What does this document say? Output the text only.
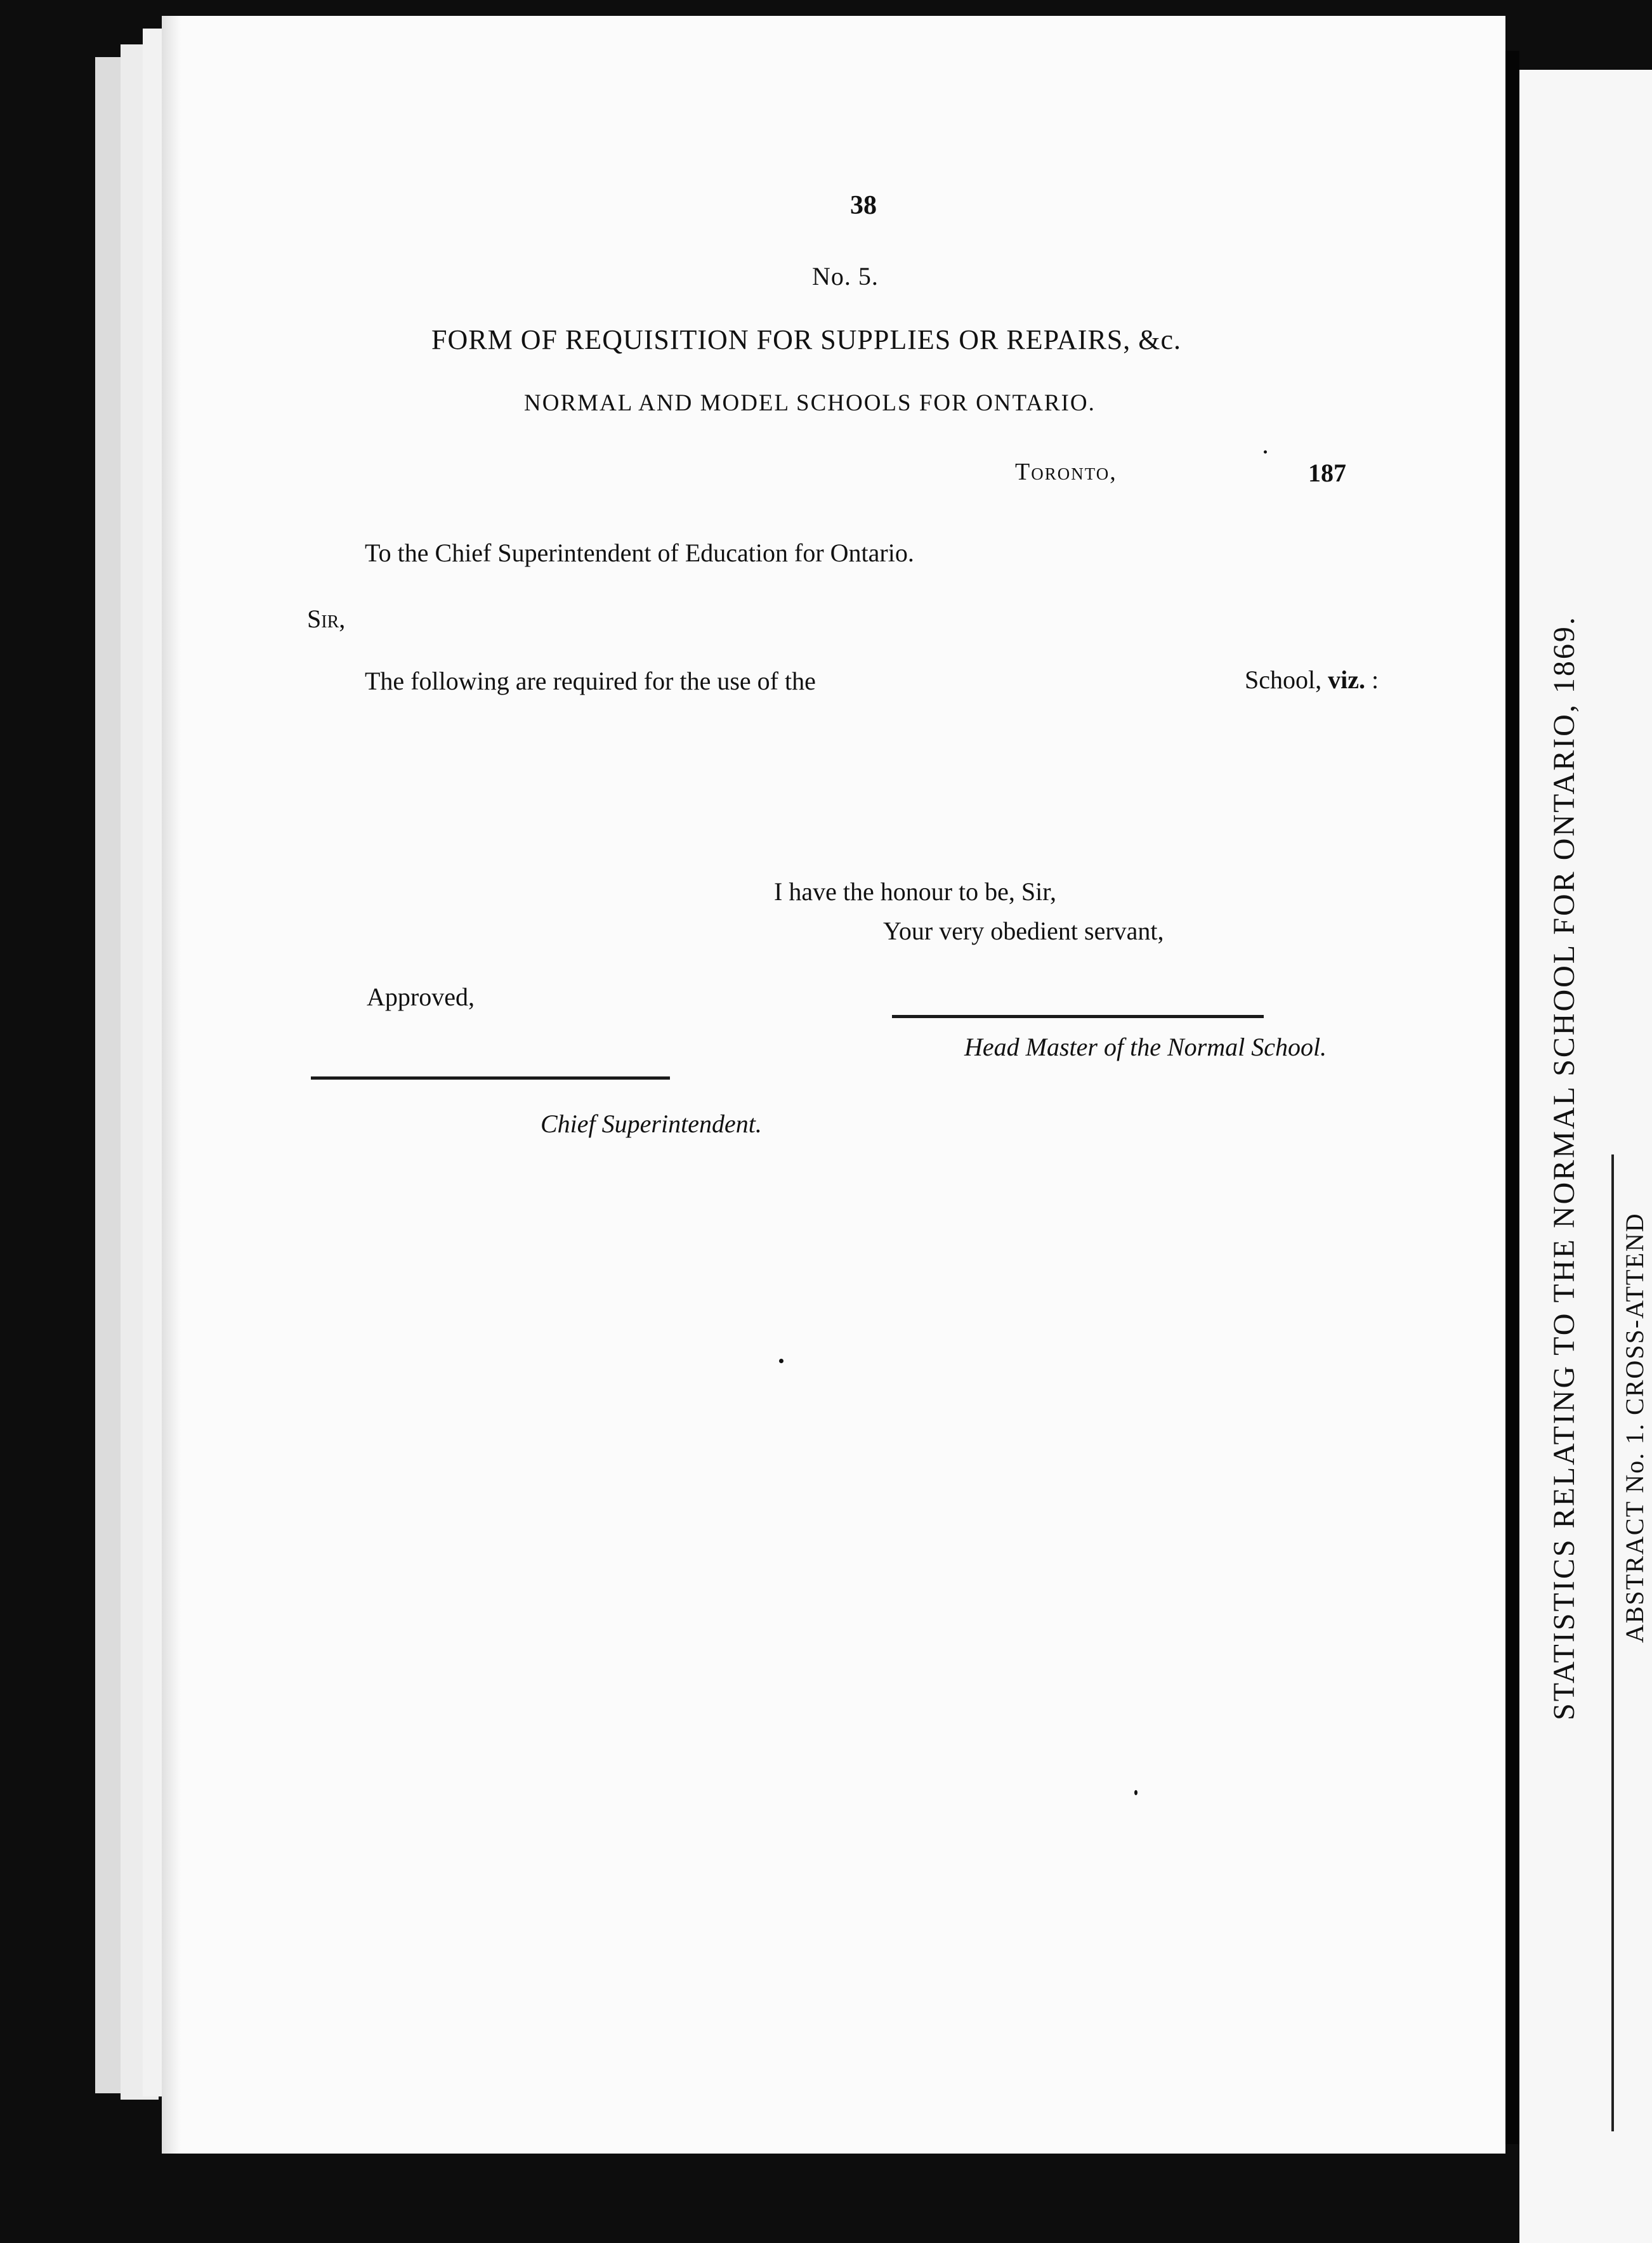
38
No. 5.
FORM OF REQUISITION FOR SUPPLIES OR REPAIRS, &c.
NORMAL AND MODEL SCHOOLS FOR ONTARIO.
Toronto,	187
To the Chief Superintendent of Education for Ontario.
Sir,
The following are required for the use of the	School, viz. :
I have the honour to be, Sir,
Your very obedient servant,
Approved,
Head Master of the Normal School.
Chief Superintendent.	STATISTICS RELATING TO THE NORMAL SCHOOL FOR ONTARIO, 1869. ABSTRACT No. 1. CROSS-ATTEND
